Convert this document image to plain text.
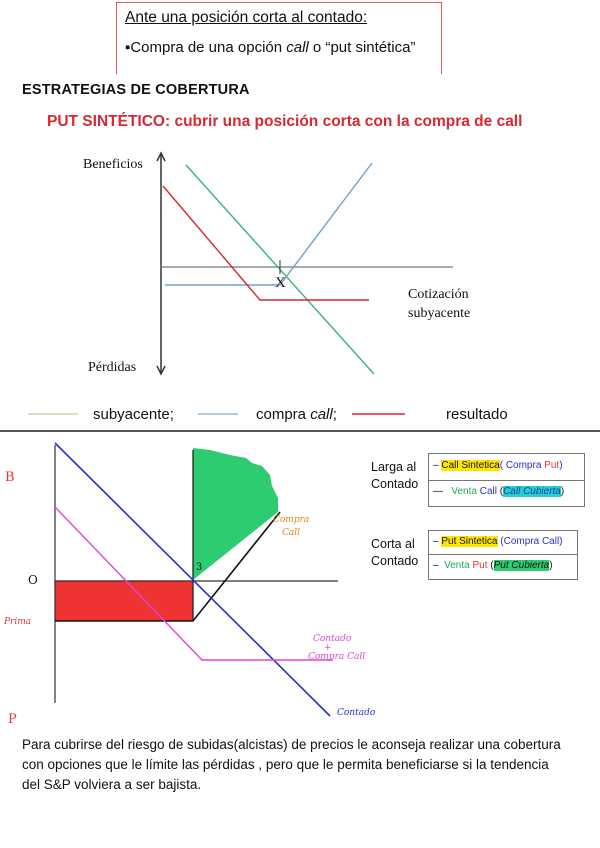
Ante una posición corta al contado:
▪Compra de una opción call o “put sintética”
ESTRATEGIAS DE COBERTURA
PUT SINTÉTICO: cubrir una posición corta con la compra de call
Beneficios
Pérdidas
Cotización
subyacente
X
subyacente;	compra call;	resultado
B
O
Prima
P
3
Compra
Call
Contado
+
Compra Call
Contado
Larga al
Contado
– Call Sintetica( Compra Put)
— Venta Call (Call Cubierta)
Corta al
Contado
– Put Sintetica (Compra Call)
– Venta Put (Put Cubierta)
Para cubrirse del riesgo de subidas(alcistas) de precios le aconseja realizar una cobertura con opciones que le límite las pérdidas , pero que le permita beneficiarse si la tendencia del S&P volviera a ser bajista.
